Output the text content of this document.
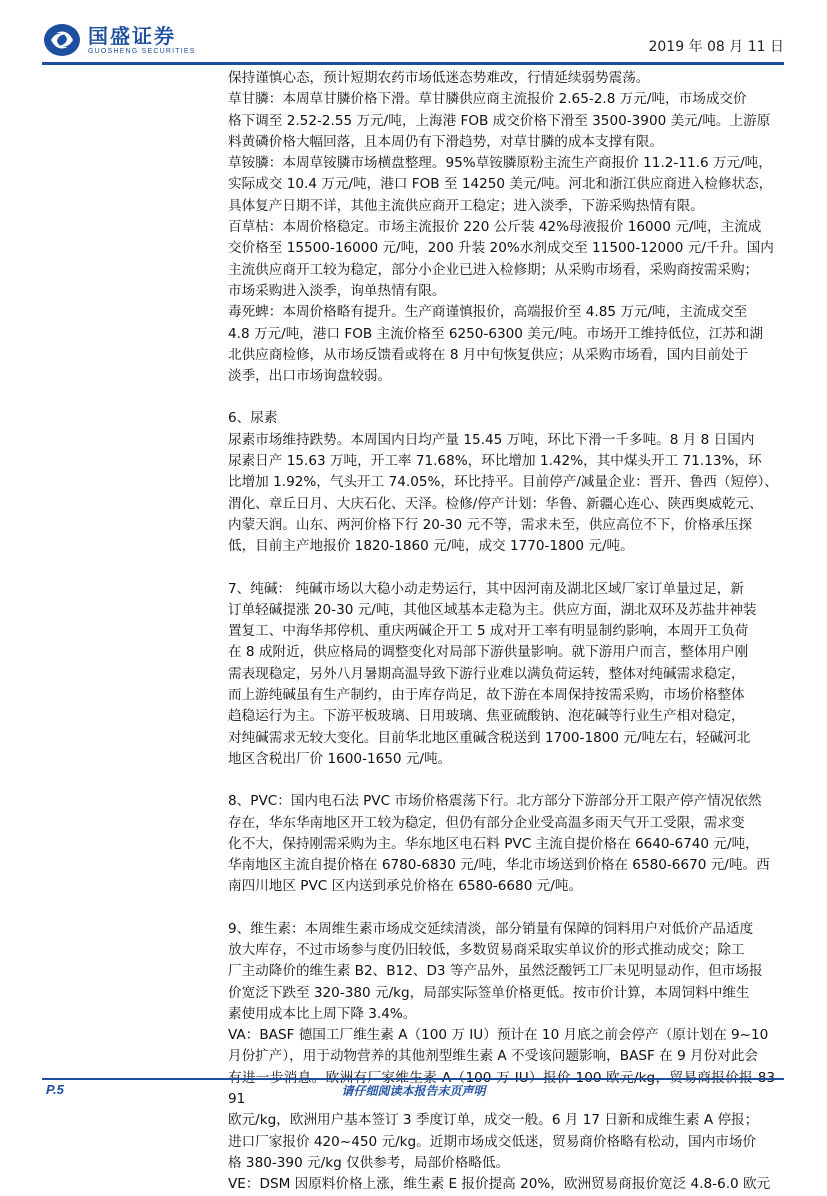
国盛证券
GUOSHENG SECURITIES	2019 年 08 月 11 日

保持谨慎心态，预计短期农药市场低迷态势难改，行情延续弱势震荡。

草甘膦：本周草甘膦价格下滑。草甘膦供应商主流报价 2.65-2.8 万元/吨，市场成交价
格下调至 2.52-2.55 万元/吨，上海港 FOB 成交价格下滑至 3500-3900 美元/吨。上游原
料黄磷价格大幅回落，且本周仍有下滑趋势，对草甘膦的成本支撑有限。

草铵膦：本周草铵膦市场横盘整理。95%草铵膦原粉主流生产商报价 11.2-11.6 万元/吨，
实际成交 10.4 万元/吨，港口 FOB 至 14250 美元/吨。河北和浙江供应商进入检修状态，
具体复产日期不详，其他主流供应商开工稳定；进入淡季，下游采购热情有限。

百草枯：本周价格稳定。市场主流报价 220 公斤装 42%母液报价 16000 元/吨，主流成
交价格至 15500-16000 元/吨，200 升装 20%水剂成交至 11500-12000 元/千升。国内
主流供应商开工较为稳定，部分小企业已进入检修期；从采购市场看，采购商按需采购；
市场采购进入淡季，询单热情有限。

毒死蜱：本周价格略有提升。生产商谨慎报价，高端报价至 4.85 万元/吨，主流成交至
4.8 万元/吨，港口 FOB 主流价格至 6250-6300 美元/吨。市场开工维持低位，江苏和湖
北供应商检修，从市场反馈看或将在 8 月中旬恢复供应；从采购市场看，国内目前处于
淡季，出口市场询盘较弱。

6、尿素

尿素市场维持跌势。本周国内日均产量 15.45 万吨，环比下滑一千多吨。8 月 8 日国内
尿素日产 15.63 万吨，开工率 71.68%，环比增加 1.42%，其中煤头开工 71.13%，环
比增加 1.92%，气头开工 74.05%，环比持平。目前停产/减量企业：晋开、鲁西（短停）、
渭化、章丘日月、大庆石化、天泽。检修/停产计划：华鲁、新疆心连心、陕西奥威乾元、
内蒙天润。山东、两河价格下行 20-30 元不等，需求未至，供应高位不下，价格承压探
低，目前主产地报价 1820-1860 元/吨，成交 1770-1800 元/吨。

7、纯碱： 纯碱市场以大稳小动走势运行，其中因河南及湖北区域厂家订单量过足，新
订单轻碱提涨 20-30 元/吨，其他区域基本走稳为主。供应方面，湖北双环及苏盐井神装
置复工、中海华邦停机、重庆两碱企开工 5 成对开工率有明显制约影响，本周开工负荷
在 8 成附近，供应格局的调整变化对局部下游供量影响。就下游用户而言，整体用户刚
需表现稳定，另外八月暑期高温导致下游行业难以满负荷运转，整体对纯碱需求稳定，
而上游纯碱虽有生产制约，由于库存尚足，故下游在本周保持按需采购，市场价格整体
趋稳运行为主。下游平板玻璃、日用玻璃、焦亚硫酸钠、泡花碱等行业生产相对稳定，
对纯碱需求无较大变化。目前华北地区重碱含税送到 1700-1800 元/吨左右，轻碱河北
地区含税出厂价 1600-1650 元/吨。

8、PVC：国内电石法 PVC 市场价格震荡下行。北方部分下游部分开工限产停产情况依然
存在，华东华南地区开工较为稳定，但仍有部分企业受高温多雨天气开工受限，需求变
化不大，保持刚需采购为主。华东地区电石料 PVC 主流自提价格在 6640-6740 元/吨，
华南地区主流自提价格在 6780-6830 元/吨，华北市场送到价格在 6580-6670 元/吨。西
南四川地区 PVC 区内送到承兑价格在 6580-6680 元/吨。

9、维生素：本周维生素市场成交延续清淡，部分销量有保障的饲料用户对低价产品适度
放大库存，不过市场参与度仍旧较低，多数贸易商采取实单议价的形式推动成交；除工
厂主动降价的维生素 B2、B12、D3 等产品外，虽然泛酸钙工厂未见明显动作，但市场报
价宽泛下跌至 320-380 元/kg，局部实际签单价格更低。按市价计算，本周饲料中维生
素使用成本比上周下降 3.4%。

VA：BASF 德国工厂维生素 A（100 万 IU）预计在 10 月底之前会停产（原计划在 9~10
月份扩产），用于动物营养的其他剂型维生素 A 不受该问题影响，BASF 在 9 月份对此会
有进一步消息。欧洲有厂家维生素 A（100 万 IU）报价 100 欧元/kg，贸易商报价报 83-91
欧元/kg，欧洲用户基本签订 3 季度订单，成交一般。6 月 17 日新和成维生素 A 停报；
进口厂家报价 420~450 元/kg。近期市场成交低迷，贸易商价格略有松动，国内市场价
格 380-390 元/kg 仅供参考，局部价格略低。

VE：DSM 因原料价格上涨，维生素 E 报价提高 20%，欧洲贸易商报价宽泛 4.8-6.0 欧元

P.5	请仔细阅读本报告末页声明
